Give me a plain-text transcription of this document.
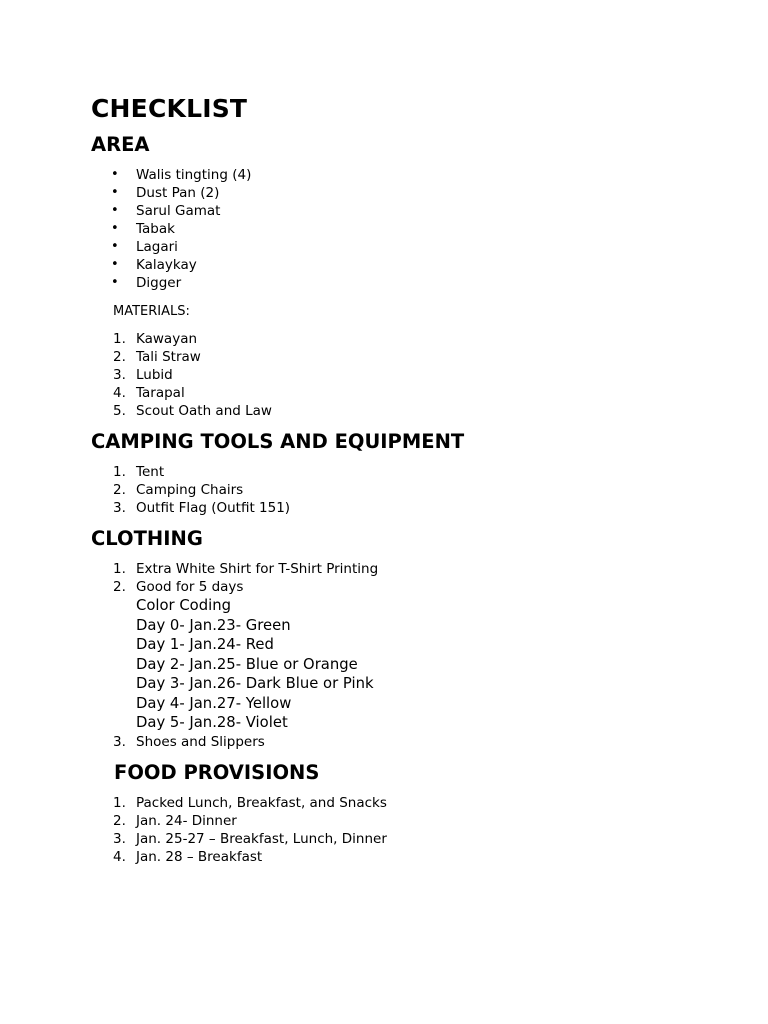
CHECKLIST
AREA
• Walis tingting (4)
• Dust Pan (2)
• Sarul Gamat
• Tabak
• Lagari
• Kalaykay
• Digger
MATERIALS:
1. Kawayan
2. Tali Straw
3. Lubid
4. Tarapal
5. Scout Oath and Law
CAMPING TOOLS AND EQUIPMENT
1. Tent
2. Camping Chairs
3. Outfit Flag (Outfit 151)
CLOTHING
1. Extra White Shirt for T-Shirt Printing
2. Good for 5 days
Color Coding
Day 0- Jan.23- Green
Day 1- Jan.24- Red
Day 2- Jan.25- Blue or Orange
Day 3- Jan.26- Dark Blue or Pink
Day 4- Jan.27- Yellow
Day 5- Jan.28- Violet
3. Shoes and Slippers
FOOD PROVISIONS
1. Packed Lunch, Breakfast, and Snacks
2. Jan. 24- Dinner
3. Jan. 25-27 – Breakfast, Lunch, Dinner
4. Jan. 28 – Breakfast
